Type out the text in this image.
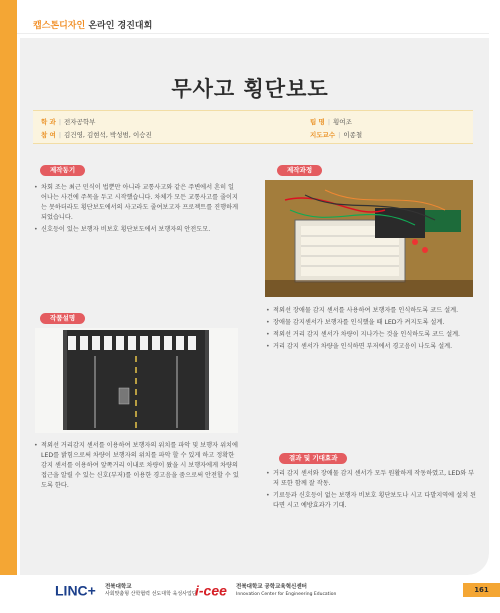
캡스톤디자인 온라인 경진대회
무사고 횡단보도
학 과 | 전자공학부
참 여 | 김건영, 김현석, 박성범, 이승진
팀 명 | 횡여조
지도교수 | 이종철
제작동기
• 차회 조는 최근 민식이 법뿐만 아니라 교통사고와 같은 주변에서 흔히 일어나는 사건에 주목을 두고 시작했습니다. 차체가 모든 교통사고를 줄이지는 못하더라도 횡단보도에서의 사고라도 줄여보고자 프로젝트를 진행하게 되었습니다.
• 신호등이 있는 보행자 비보호 횡단보도에서 보행자의 안전도모.
제작과정
• 적외선 장애물 감지 센서를 사용하여 보행자를 인식하도록 코드 설계.
• 장애물 감지센서가 보행자를 인식했을 때 LED가 켜지도록 설계.
• 적외선 거리 감지 센서가 차량이 지나가는 것을 인식하도록 코드 설계.
• 거리 감지 센서가 차량을 인식하면 부저에서 경고음이 나도록 설계.
작품설명
• 적외선 거리감지 센서를 이용하여 보행자의 위치를 파악 및 보행자 위치에 LED를 밝힘으로써 차량이 보행자의 위치를 파악 할 수 있게 하고 정확한 감지 센서를 이용하여 앞쪽거리 이내로 차량이 왔을 시 보행자에게 차량의 접근을 알릴 수 있는 신호(부저)를 이용한 경고음을 줌으로써 안전할 수 있도록 한다.
결과 및 기대효과
• 거리 감지 센서와 장애물 감지 센서가 모두 원활하게 작동하였고, LED와 부저 또한 함께 잘 작동.
• 기료등과 신호등이 없는 보행자 비보호 횡단보도나 시고 다발지역에 설치 된다면 시고 예방효과가 기대.
LINC+ 전북대학교
사회맞춤형 산학협력 선도대학 육성사업단
i-cee 전북대학교 공학교육혁신센터
Innovation Center for Engineering Education	161
